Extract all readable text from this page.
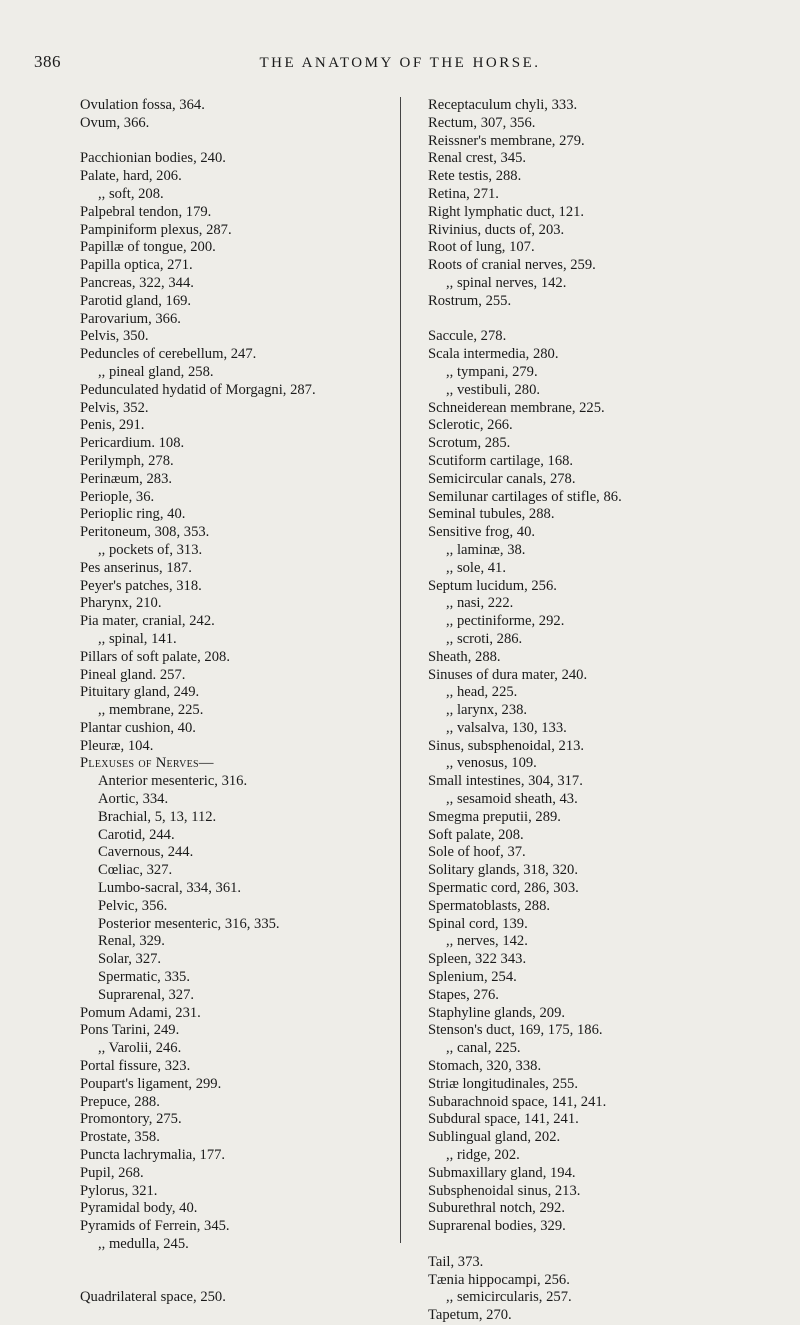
386	THE ANATOMY OF THE HORSE.
Ovulation fossa, 364.
Ovum, 366.
Pacchionian bodies, 240.
Palate, hard, 206.
,, soft, 208.
Palpebral tendon, 179.
Pampiniform plexus, 287.
Papillæ of tongue, 200.
Papilla optica, 271.
Pancreas, 322, 344.
Parotid gland, 169.
Parovarium, 366.
Pelvis, 350.
Peduncles of cerebellum, 247.
,, pineal gland, 258.
Pedunculated hydatid of Morgagni, 287.
Pelvis, 352.
Penis, 291.
Pericardium. 108.
Perilymph, 278.
Perinæum, 283.
Periople, 36.
Perioplic ring, 40.
Peritoneum, 308, 353.
,, pockets of, 313.
Pes anserinus, 187.
Peyer's patches, 318.
Pharynx, 210.
Pia mater, cranial, 242.
,, spinal, 141.
Pillars of soft palate, 208.
Pineal gland. 257.
Pituitary gland, 249.
,, membrane, 225.
Plantar cushion, 40.
Pleuræ, 104.
Plexuses of Nerves—
Anterior mesenteric, 316.
Aortic, 334.
Brachial, 5, 13, 112.
Carotid, 244.
Cavernous, 244.
Cœliac, 327.
Lumbo-sacral, 334, 361.
Pelvic, 356.
Posterior mesenteric, 316, 335.
Renal, 329.
Solar, 327.
Spermatic, 335.
Suprarenal, 327.
Pomum Adami, 231.
Pons Tarini, 249.
,, Varolii, 246.
Portal fissure, 323.
Poupart's ligament, 299.
Prepuce, 288.
Promontory, 275.
Prostate, 358.
Puncta lachrymalia, 177.
Pupil, 268.
Pylorus, 321.
Pyramidal body, 40.
Pyramids of Ferrein, 345.
,, medulla, 245.
Quadrilateral space, 250.
Receptaculum chyli, 333.
Rectum, 307, 356.
Reissner's membrane, 279.
Renal crest, 345.
Rete testis, 288.
Retina, 271.
Right lymphatic duct, 121.
Rivinius, ducts of, 203.
Root of lung, 107.
Roots of cranial nerves, 259.
,, spinal nerves, 142.
Rostrum, 255.
Saccule, 278.
Scala intermedia, 280.
,, tympani, 279.
,, vestibuli, 280.
Schneiderean membrane, 225.
Sclerotic, 266.
Scrotum, 285.
Scutiform cartilage, 168.
Semicircular canals, 278.
Semilunar cartilages of stifle, 86.
Seminal tubules, 288.
Sensitive frog, 40.
,, laminæ, 38.
,, sole, 41.
Septum lucidum, 256.
,, nasi, 222.
,, pectiniforme, 292.
,, scroti, 286.
Sheath, 288.
Sinuses of dura mater, 240.
,, head, 225.
,, larynx, 238.
,, valsalva, 130, 133.
Sinus, subsphenoidal, 213.
,, venosus, 109.
Small intestines, 304, 317.
,, sesamoid sheath, 43.
Smegma preputii, 289.
Soft palate, 208.
Sole of hoof, 37.
Solitary glands, 318, 320.
Spermatic cord, 286, 303.
Spermatoblasts, 288.
Spinal cord, 139.
,, nerves, 142.
Spleen, 322 343.
Splenium, 254.
Stapes, 276.
Staphyline glands, 209.
Stenson's duct, 169, 175, 186.
,, canal, 225.
Stomach, 320, 338.
Striæ longitudinales, 255.
Subarachnoid space, 141, 241.
Subdural space, 141, 241.
Sublingual gland, 202.
,, ridge, 202.
Submaxillary gland, 194.
Subsphenoidal sinus, 213.
Suburethral notch, 292.
Suprarenal bodies, 329.
Tail, 373.
Tænia hippocampi, 256.
,, semicircularis, 257.
Tapetum, 270.
